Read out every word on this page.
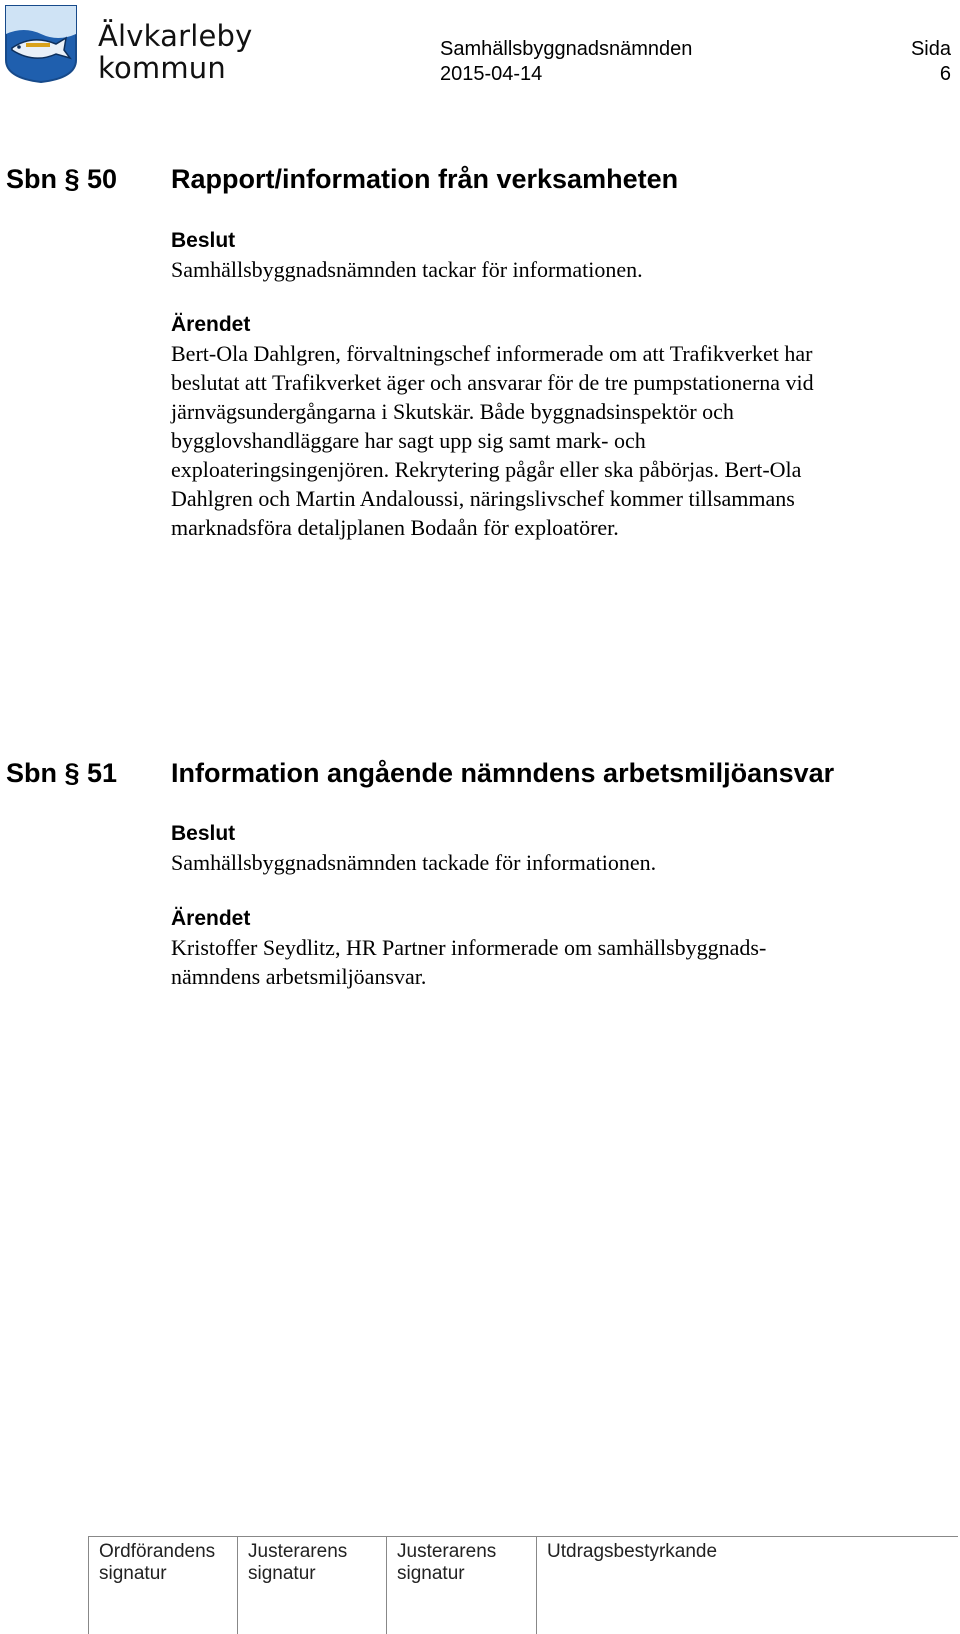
Älvkarleby
kommun
Samhällsbyggnadsnämnden
2015-04-14
Sida
6
Sbn § 50 Rapport/information från verksamheten
Beslut
Samhällsbyggnadsnämnden tackar för informationen.
Ärendet
Bert-Ola Dahlgren, förvaltningschef informerade om att Trafikverket har
beslutat att Trafikverket äger och ansvarar för de tre pumpstationerna vid
järnvägsundergångarna i Skutskär. Både byggnadsinspektör och
bygglovshandläggare har sagt upp sig samt mark- och
exploateringsingenjören. Rekrytering pågår eller ska påbörjas. Bert-Ola
Dahlgren och Martin Andaloussi, näringslivschef kommer tillsammans
marknadsföra detaljplanen Bodaån för exploatörer.
Sbn § 51 Information angående nämndens arbetsmiljöansvar
Beslut
Samhällsbyggnadsnämnden tackade för informationen.
Ärendet
Kristoffer Seydlitz, HR Partner informerade om samhällsbyggnads-
nämndens arbetsmiljöansvar.
Ordförandens
signatur
Justerarens
signatur
Justerarens
signatur
Utdragsbestyrkande
